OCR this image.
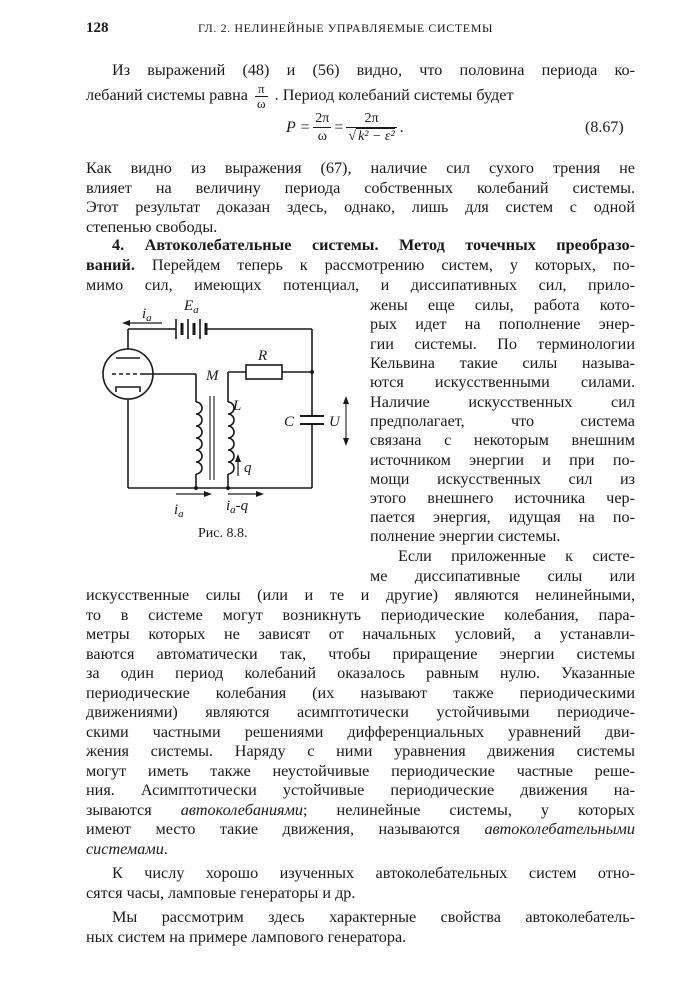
128	ГЛ. 2. НЕЛИНЕЙНЫЕ УПРАВЛЯЕМЫЕ СИСТЕМЫ
Из выражений (48) и (56) видно, что половина периода ко-
лебаний системы равна $\frac{\pi}{\omega}$ . Период колебаний системы будет
$P = \frac{2\pi}{\omega} = \frac{2\pi}{\text{√ k² − ε²}}$ .	(8.67)
Как видно из выражения (67), наличие сил сухого трения не
влияет на величину периода собственных колебаний системы.
Этот результат доказан здесь, однако, лишь для систем с одной
степенью свободы.
4. Автоколебательные системы. Метод точечных преобразо-
ваний. Перейдем теперь к рассмотрению систем, у которых, по-
мимо сил, имеющих потенциал, и диссипативных сил, прило-
жены еще силы, работа кото-
рых идет на пополнение энер-
гии системы. По терминологии
Кельвина такие силы называ-
ются искусственными силами.
Наличие искусственных сил
предполагает, что система
связана с некоторым внешним
источником энергии и при по-
мощи искусственных сил из
этого внешнего источника чер-
пается энергия, идущая на по-
полнение энергии системы.
Если приложенные к систе-
ме диссипативные силы или
$i_a$
$E_a$
R
M
L
C U
q
$i_a$	$i_a-q$
Рис. 8.8.
искусственные силы (или и те и другие) являются нелинейными,
то в системе могут возникнуть периодические колебания, пара-
метры которых не зависят от начальных условий, а устанавли-
ваются автоматически так, чтобы приращение энергии системы
за один период колебаний оказалось равным нулю. Указанные
периодические колебания (их называют также периодическими
движениями) являются асимптотически устойчивыми периодиче-
скими частными решениями дифференциальных уравнений дви-
жения системы. Наряду с ними уравнения движения системы
могут иметь также неустойчивые периодические частные реше-
ния. Асимптотически устойчивые периодические движения на-
зываются автоколебаниями; нелинейные системы, у которых
имеют место такие движения, называются автоколебательными
системами.
К числу хорошо изученных автоколебательных систем отно-
сятся часы, ламповые генераторы и др.
Мы рассмотрим здесь характерные свойства автоколебатель-
ных систем на примере лампового генератора.
